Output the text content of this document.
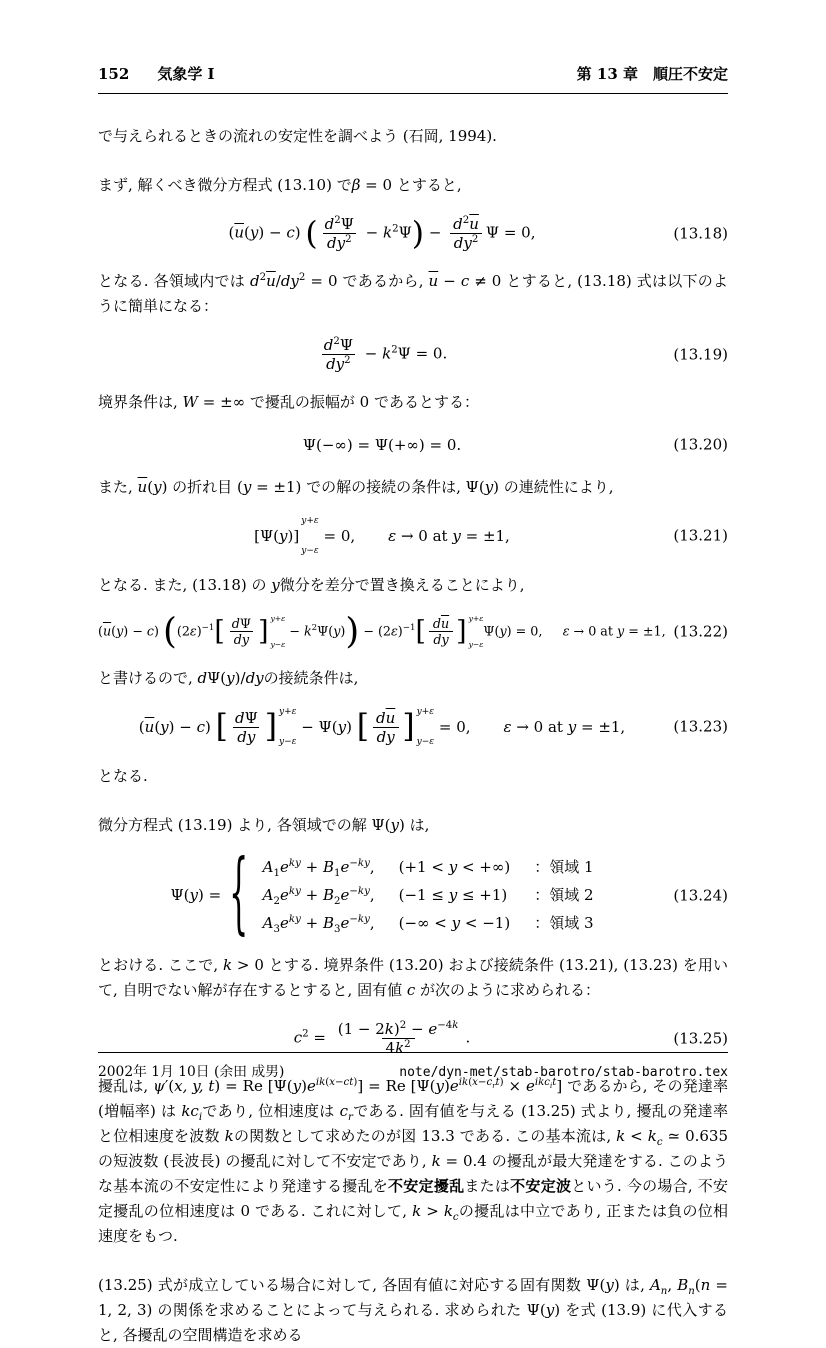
152 気象学 I	第 13 章　順圧不安定
で与えられるときの流れの安定性を調べよう (石岡, 1994).
まず, 解くべき微分方程式 (13.10) でβ = 0 とすると,
$(\overline{u}(y) - c)$ ( $\frac{d^2\Psi}{dy^2} - k^2\Psi) - \frac{d^2\overline{u}}{dy^2}$ Ψ = 0,	(13.18)
となる. 各領域内では $d^2\overline{u}/dy^2 = 0$ であるから, $\overline{u} - c \ne 0$ とすると, (13.18) 式は以下のように簡単になる：
$\frac{d^2\Psi}{dy^2} - k^2\Psi = 0$.	(13.19)
境界条件は, W = ±∞ で擾乱の振幅が 0 であるとする：
Ψ(−∞) = Ψ(+∞) = 0.	(13.20)
また, $\overline{u}(y)$ の折れ目 (y = ±1) での解の接続の条件は, Ψ(y) の連続性により,
[Ψ(y)]
y+ε
y−ε
= 0, ε → 0 at y = ±1,	(13.21)
となる. また, (13.18) の y微分を差分で置き換えることにより,
$(\overline{u}(y) - c)$ ($(2\varepsilon)^{-1}[ \frac{d\Psi}{dy}$ ] y+ε
y−ε
− $k^2\Psi(y)) - (2\varepsilon)^{-1}[ \frac{d\overline{u}}{dy}$ ] y+ε
y−ε
Ψ(y) = 0, ε → 0 at y = ±1, (13.22)
と書けるので, dΨ(y)/dyの接続条件は,
$(\overline{u}(y) - c)$ [ $\frac{d\Psi}{dy}$ ] y+ε
y−ε
− Ψ(y) [ $\frac{d\overline{u}}{dy}$ ] y+ε
y−ε
= 0, ε → 0 at y = ±1,	(13.23)
となる.
微分方程式 (13.19) より, 各領域での解 Ψ(y) は,
Ψ(y) = { $A_1e^{ky} + B_1e^{-ky}$, (+1 < y < +∞) ：領域 1
$A_2e^{ky} + B_2e^{-ky}$, (−1 ≤ y ≤ +1) ：領域 2
$A_3e^{ky} + B_3e^{-ky}$, (−∞ < y < −1) ：領域 3
(13.24)
とおける. ここで, k > 0 とする. 境界条件 (13.20) および接続条件 (13.21), (13.23) を用いて, 自明でない解が存在するとすると, 固有値 c が次のように求められる：
$c^2 = \frac{(1 - 2k)^2 - e^{-4k}}{4k^2}$ .	(13.25)
擾乱は, ψ′(x, y, t) = Re $[\Psi(y)e^{ik(x-ct)}] = Re$ $[\Psi(y)e^{ik(x-c_rt)} \times e^{ikc_it}]$ であるから, その発達率 (増幅率) は $kc_i$であり, 位相速度は $c_r$である. 固有値を与える (13.25) 式より, 擾乱の発達率と位相速度を波数 kの関数として求めたのが図 13.3 である. この基本流は, $k < k_c$ ≃ 0.635 の短波数 (長波長) の擾乱に対して不安定であり, k = 0.4 の擾乱が最大発達をする. このような基本流の不安定性により発達する擾乱を不安定擾乱または不安定波という. 今の場合, 不安定擾乱の位相速度は 0 である. これに対して, $k > k_c$の擾乱は中立であり, 正または負の位相速度をもつ.
(13.25) 式が成立している場合に対して, 各固有値に対応する固有関数 Ψ(y) は, $A_n$, $B_n(n = 1$, 2, 3) の関係を求めることによって与えられる. 求められた Ψ(y) を式 (13.9) に代入すると, 各擾乱の空間構造を求める
2002年 1月 10日 (余田 成男)	note/dyn-met/stab-barotro/stab-barotro.tex
